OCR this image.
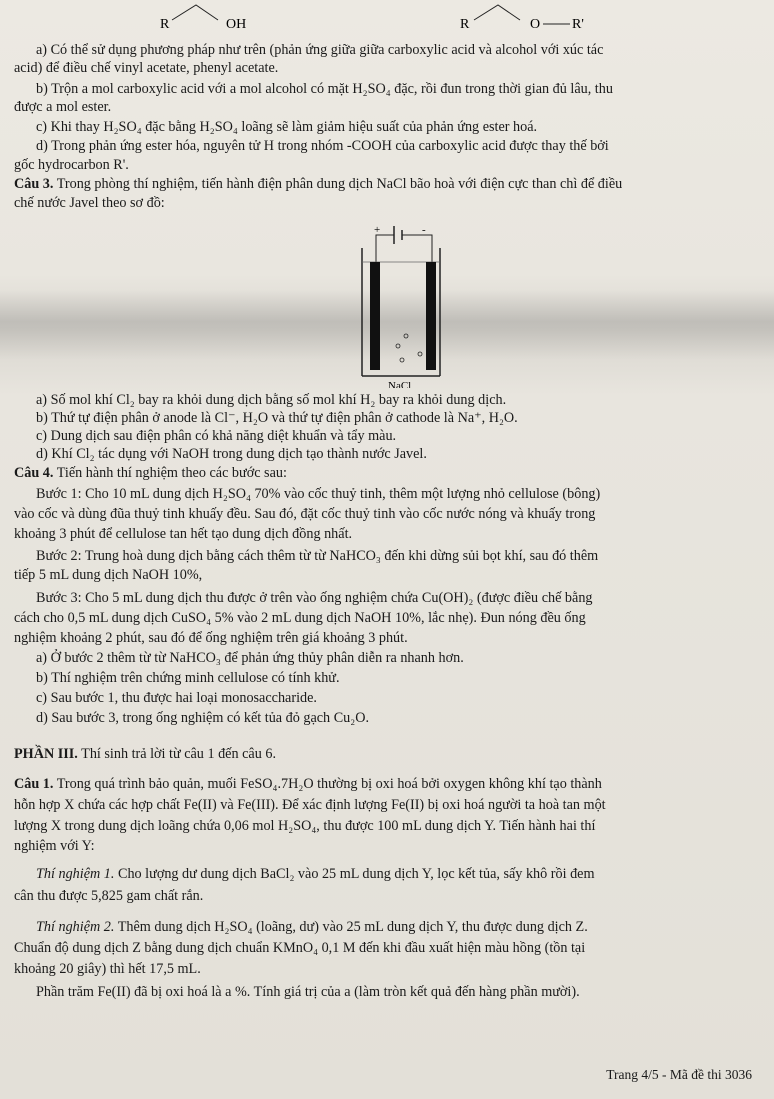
R	OH	R	O R'
a) Có thể sử dụng phương pháp như trên (phản ứng giữa giữa carboxylic acid và alcohol với xúc tác
acid) để điều chế vinyl acetate, phenyl acetate.
b) Trộn a mol carboxylic acid với a mol alcohol có mặt H₂SO₄ đặc, rồi đun trong thời gian đủ lâu, thu
được a mol ester.
c) Khi thay H₂SO₄ đặc bằng H₂SO₄ loãng sẽ làm giảm hiệu suất của phản ứng ester hoá.
d) Trong phản ứng ester hóa, nguyên tử H trong nhóm -COOH của carboxylic acid được thay thế bởi
gốc hydrocarbon R'.
Câu 3. Trong phòng thí nghiệm, tiến hành điện phân dung dịch NaCl bão hoà với điện cực than chì để điều
chế nước Javel theo sơ đồ:
+	-
NaCl
a) Số mol khí Cl₂ bay ra khỏi dung dịch bằng số mol khí H₂ bay ra khỏi dung dịch.
b) Thứ tự điện phân ở anode là Cl⁻, H₂O và thứ tự điện phân ở cathode là Na⁺, H₂O.
c) Dung dịch sau điện phân có khả năng diệt khuẩn và tẩy màu.
d) Khí Cl₂ tác dụng với NaOH trong dung dịch tạo thành nước Javel.
Câu 4. Tiến hành thí nghiệm theo các bước sau:
Bước 1: Cho 10 mL dung dịch H₂SO₄ 70% vào cốc thuỷ tinh, thêm một lượng nhỏ cellulose (bông)
vào cốc và dùng đũa thuỷ tinh khuấy đều. Sau đó, đặt cốc thuỷ tinh vào cốc nước nóng và khuấy trong
khoảng 3 phút để cellulose tan hết tạo dung dịch đồng nhất.
Bước 2: Trung hoà dung dịch bằng cách thêm từ từ NaHCO₃ đến khi dừng sủi bọt khí, sau đó thêm
tiếp 5 mL dung dịch NaOH 10%,
Bước 3: Cho 5 mL dung dịch thu được ở trên vào ống nghiệm chứa Cu(OH)₂ (được điều chế bằng
cách cho 0,5 mL dung dịch CuSO₄ 5% vào 2 mL dung dịch NaOH 10%, lắc nhẹ). Đun nóng đều ống
nghiệm khoảng 2 phút, sau đó để ống nghiệm trên giá khoảng 3 phút.
a) Ở bước 2 thêm từ từ NaHCO₃ để phản ứng thủy phân diễn ra nhanh hơn.
b) Thí nghiệm trên chứng minh cellulose có tính khử.
c) Sau bước 1, thu được hai loại monosaccharide.
d) Sau bước 3, trong ống nghiệm có kết tủa đỏ gạch Cu₂O.
PHẦN III. Thí sinh trả lời từ câu 1 đến câu 6.
Câu 1. Trong quá trình bảo quản, muối FeSO₄.7H₂O thường bị oxi hoá bởi oxygen không khí tạo thành
hỗn hợp X chứa các hợp chất Fe(II) và Fe(III). Để xác định lượng Fe(II) bị oxi hoá người ta hoà tan một
lượng X trong dung dịch loãng chứa 0,06 mol H₂SO₄, thu được 100 mL dung dịch Y. Tiến hành hai thí
nghiệm với Y:
Thí nghiệm 1. Cho lượng dư dung dịch BaCl₂ vào 25 mL dung dịch Y, lọc kết tủa, sấy khô rồi đem
cân thu được 5,825 gam chất rắn.
Thí nghiệm 2. Thêm dung dịch H₂SO₄ (loãng, dư) vào 25 mL dung dịch Y, thu được dung dịch Z.
Chuẩn độ dung dịch Z bằng dung dịch chuẩn KMnO₄ 0,1 M đến khi đầu xuất hiện màu hồng (tồn tại
khoảng 20 giây) thì hết 17,5 mL.
Phần trăm Fe(II) đã bị oxi hoá là a %. Tính giá trị của a (làm tròn kết quả đến hàng phần mười).
Trang 4/5 - Mã đề thi 3036
